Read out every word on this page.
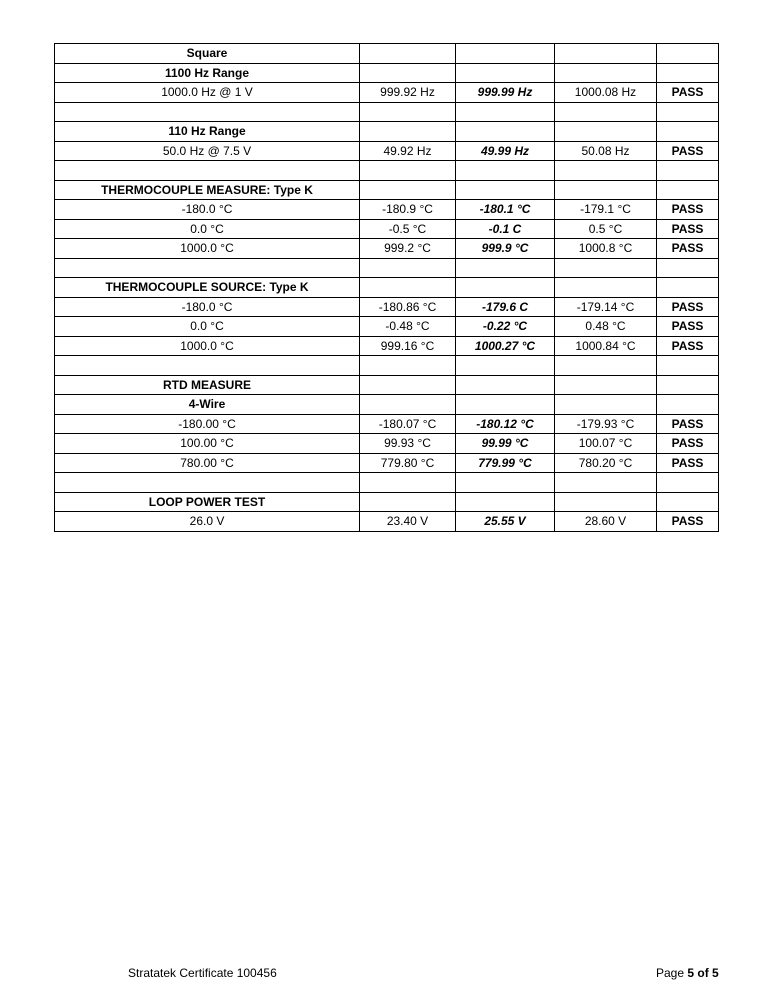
Square				
1100 Hz Range				
1000.0 Hz @ 1 V	999.92 Hz	999.99 Hz	1000.08 Hz	PASS

110 Hz Range				
50.0 Hz @ 7.5 V	49.92 Hz	49.99 Hz	50.08 Hz	PASS

THERMOCOUPLE MEASURE: Type K				
-180.0 °C	-180.9 °C	-180.1 °C	-179.1 °C	PASS
0.0 °C	-0.5 °C	-0.1 C	0.5 °C	PASS
1000.0 °C	999.2 °C	999.9 °C	1000.8 °C	PASS

THERMOCOUPLE SOURCE: Type K				
-180.0 °C	-180.86 °C	-179.6 C	-179.14 °C	PASS
0.0 °C	-0.48 °C	-0.22 °C	0.48 °C	PASS
1000.0 °C	999.16 °C	1000.27 °C	1000.84 °C	PASS

RTD MEASURE				
4-Wire				
-180.00 °C	-180.07 °C	-180.12 °C	-179.93 °C	PASS
100.00 °C	99.93 °C	99.99 °C	100.07 °C	PASS
780.00 °C	779.80 °C	779.99 °C	780.20 °C	PASS

LOOP POWER TEST				
26.0 V	23.40 V	25.55 V	28.60 V	PASS
Stratatek Certificate 100456	Page 5 of 5
